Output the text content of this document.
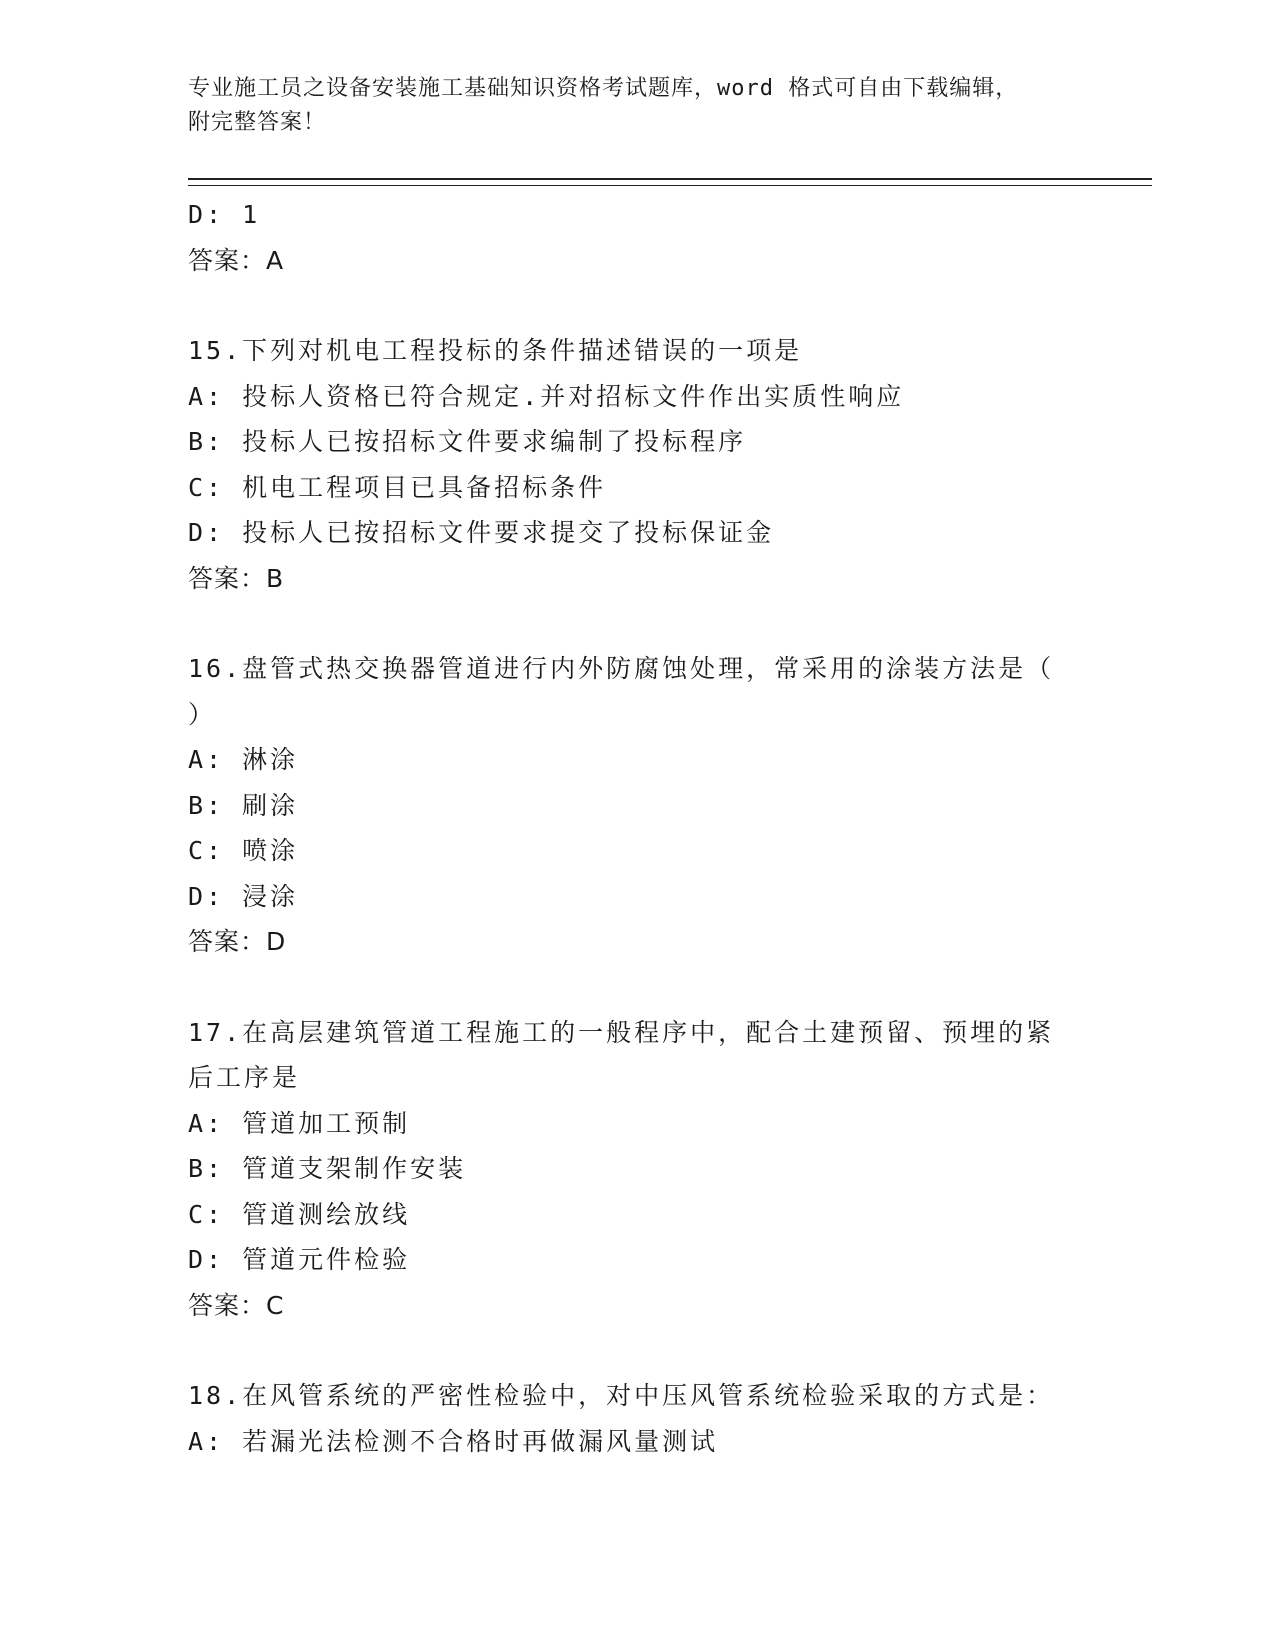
专业施工员之设备安装施工基础知识资格考试题库，word 格式可自由下载编辑，
附完整答案！
D: 1
答案：A
15.下列对机电工程投标的条件描述错误的一项是
A: 投标人资格已符合规定.并对招标文件作出实质性响应
B: 投标人已按招标文件要求编制了投标程序
C: 机电工程项目已具备招标条件
D: 投标人已按招标文件要求提交了投标保证金
答案：B
16.盘管式热交换器管道进行内外防腐蚀处理，常采用的涂装方法是（
）
A: 淋涂
B: 刷涂
C: 喷涂
D: 浸涂
答案：D
17.在高层建筑管道工程施工的一般程序中，配合土建预留、预埋的紧
后工序是
A: 管道加工预制
B: 管道支架制作安装
C: 管道测绘放线
D: 管道元件检验
答案：C
18.在风管系统的严密性检验中，对中压风管系统检验采取的方式是：
A: 若漏光法检测不合格时再做漏风量测试
